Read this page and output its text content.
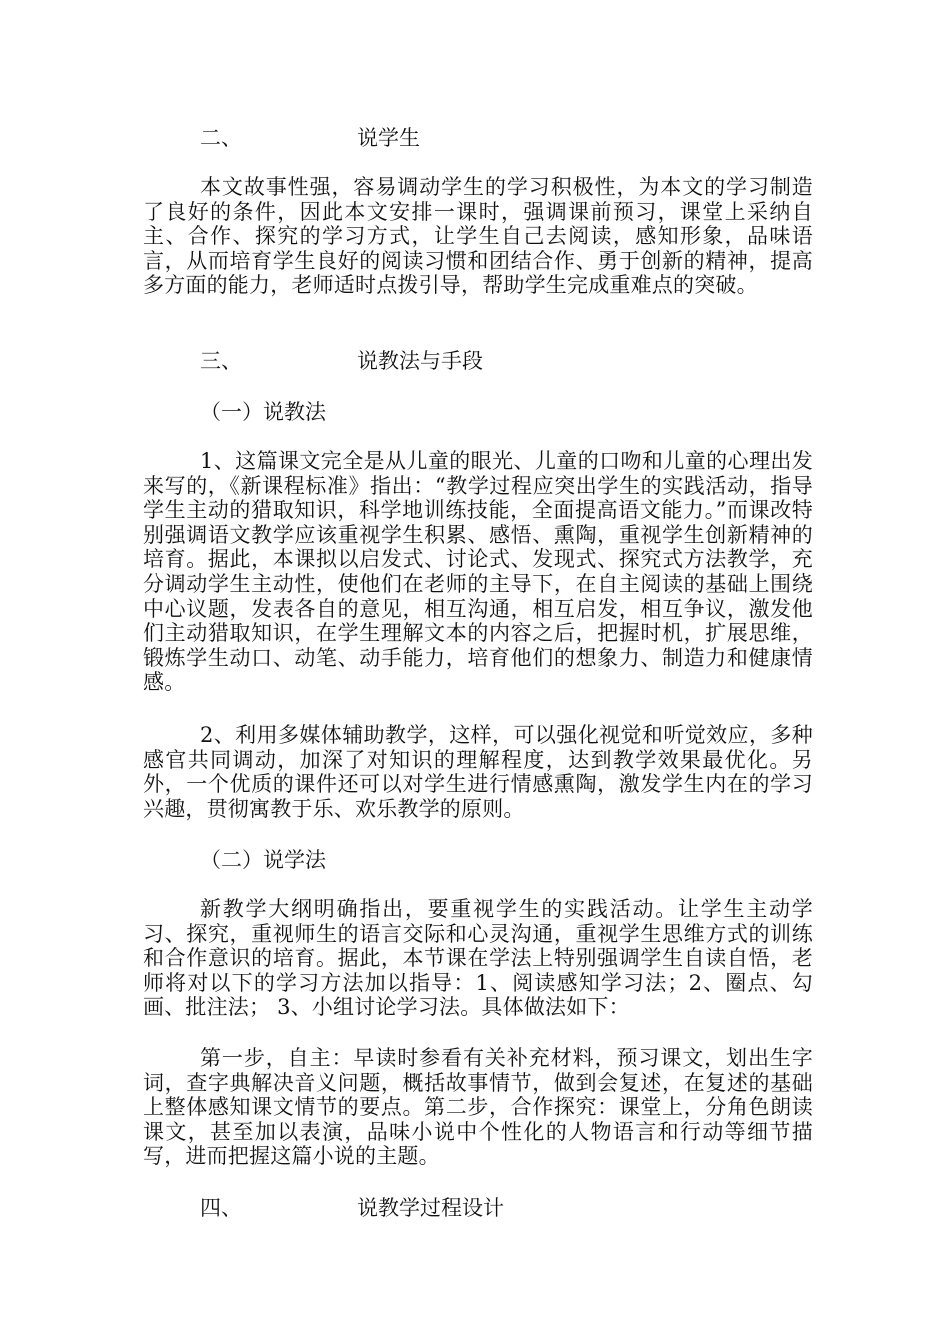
二、	说学生
本文故事性强，容易调动学生的学习积极性，为本文的学习制造了良好的条件，因此本文安排一课时，强调课前预习，课堂上采纳自主、合作、探究的学习方式，让学生自己去阅读，感知形象，品味语言，从而培育学生良好的阅读习惯和团结合作、勇于创新的精神，提高多方面的能力，老师适时点拨引导，帮助学生完成重难点的突破。
三、	说教法与手段
（一）说教法
1、这篇课文完全是从儿童的眼光、儿童的口吻和儿童的心理出发来写的，《新课程标准》指出：“教学过程应突出学生的实践活动，指导学生主动的猎取知识，科学地训练技能，全面提高语文能力。”而课改特别强调语文教学应该重视学生积累、感悟、熏陶，重视学生创新精神的培育。据此，本课拟以启发式、讨论式、发现式、探究式方法教学，充分调动学生主动性，使他们在老师的主导下，在自主阅读的基础上围绕中心议题，发表各自的意见，相互沟通，相互启发，相互争议，激发他们主动猎取知识，在学生理解文本的内容之后，把握时机，扩展思维，锻炼学生动口、动笔、动手能力，培育他们的想象力、制造力和健康情感。
2、利用多媒体辅助教学，这样，可以强化视觉和听觉效应，多种感官共同调动，加深了对知识的理解程度，达到教学效果最优化。另外，一个优质的课件还可以对学生进行情感熏陶，激发学生内在的学习兴趣，贯彻寓教于乐、欢乐教学的原则。
（二）说学法
新教学大纲明确指出，要重视学生的实践活动。让学生主动学习、探究，重视师生的语言交际和心灵沟通，重视学生思维方式的训练和合作意识的培育。据此，本节课在学法上特别强调学生自读自悟，老师将对以下的学习方法加以指导：1、阅读感知学习法；2、圈点、勾画、批注法； 3、小组讨论学习法。具体做法如下：
第一步，自主：早读时参看有关补充材料，预习课文，划出生字词，查字典解决音义问题，概括故事情节，做到会复述，在复述的基础上整体感知课文情节的要点。第二步，合作探究：课堂上，分角色朗读课文，甚至加以表演，品味小说中个性化的人物语言和行动等细节描写，进而把握这篇小说的主题。
四、	说教学过程设计
